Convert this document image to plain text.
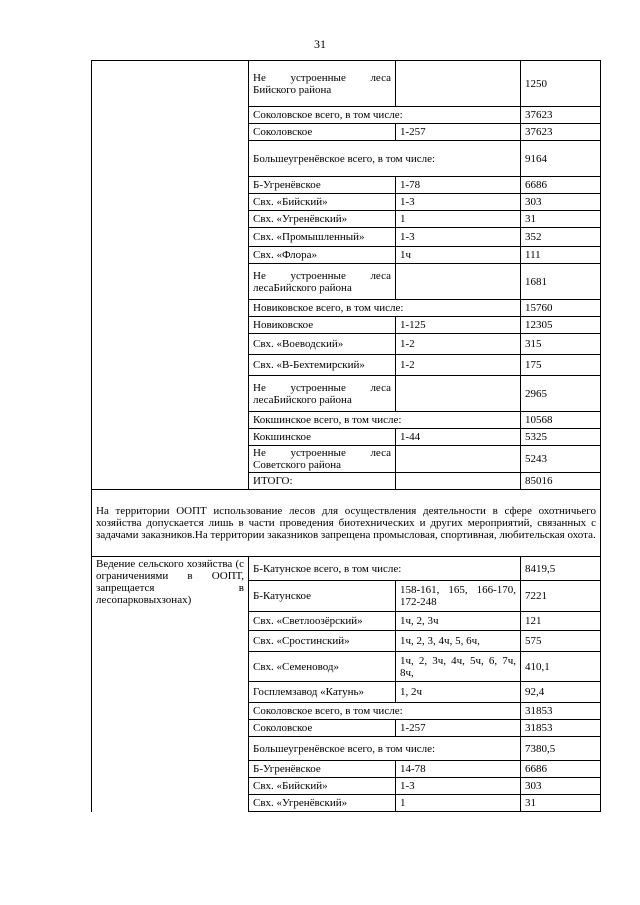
31
	Не устроенные леса Бийского района		1250
	Соколовское всего, в том числе:		37623
	Соколовское	1-257	37623
	Большеугренёвское всего, в том числе:		9164
	Б-Угренёвское	1-78	6686
	Свх. «Бийский»	1-3	303
	Свх. «Угренёвский»	1	31
	Свх. «Промышленный»	1-3	352
	Свх. «Флора»	1ч	111
	Не устроенные леса лесаБийского района		1681
	Новиковское всего, в том числе:		15760
	Новиковское	1-125	12305
	Свх. «Воеводский»	1-2	315
	Свх. «В-Бехтемирский»	1-2	175
	Не устроенные леса лесаБийского района		2965
	Кокшинское всего, в том числе:		10568
	Кокшинское	1-44	5325
	Не устроенные леса Советского района		5243
	ИТОГО:		85016
На территории ООПТ использование лесов для осуществления деятельности в сфере охотничьего хозяйства допускается лишь в части проведения биотехнических и других мероприятий, связанных с задачами заказников.На территории заказников запрещена промысловая, спортивная, любительская охота.			
Ведение сельского хозяйства (с ограничениями в ООПТ, запрещается в лесопарковыхзонах)	Б-Катунское всего, в том числе:		8419,5
	Б-Катунское	158-161, 165, 166-170, 172-248	7221
	Свх. «Светлоозёрский»	1ч, 2, 3ч	121
	Свх. «Сростинский»	1ч, 2, 3, 4ч, 5, 6ч,	575
	Свх. «Семеновод»	1ч, 2, 3ч, 4ч, 5ч, 6, 7ч, 8ч,	410,1
	Госплемзавод «Катунь»	1, 2ч	92,4
	Соколовское всего, в том числе:		31853
	Соколовское	1-257	31853
	Большеугренёвское всего, в том числе:		7380,5
	Б-Угренёвское	14-78	6686
	Свх. «Бийский»	1-3	303
	Свх. «Угренёвский»	1	31
